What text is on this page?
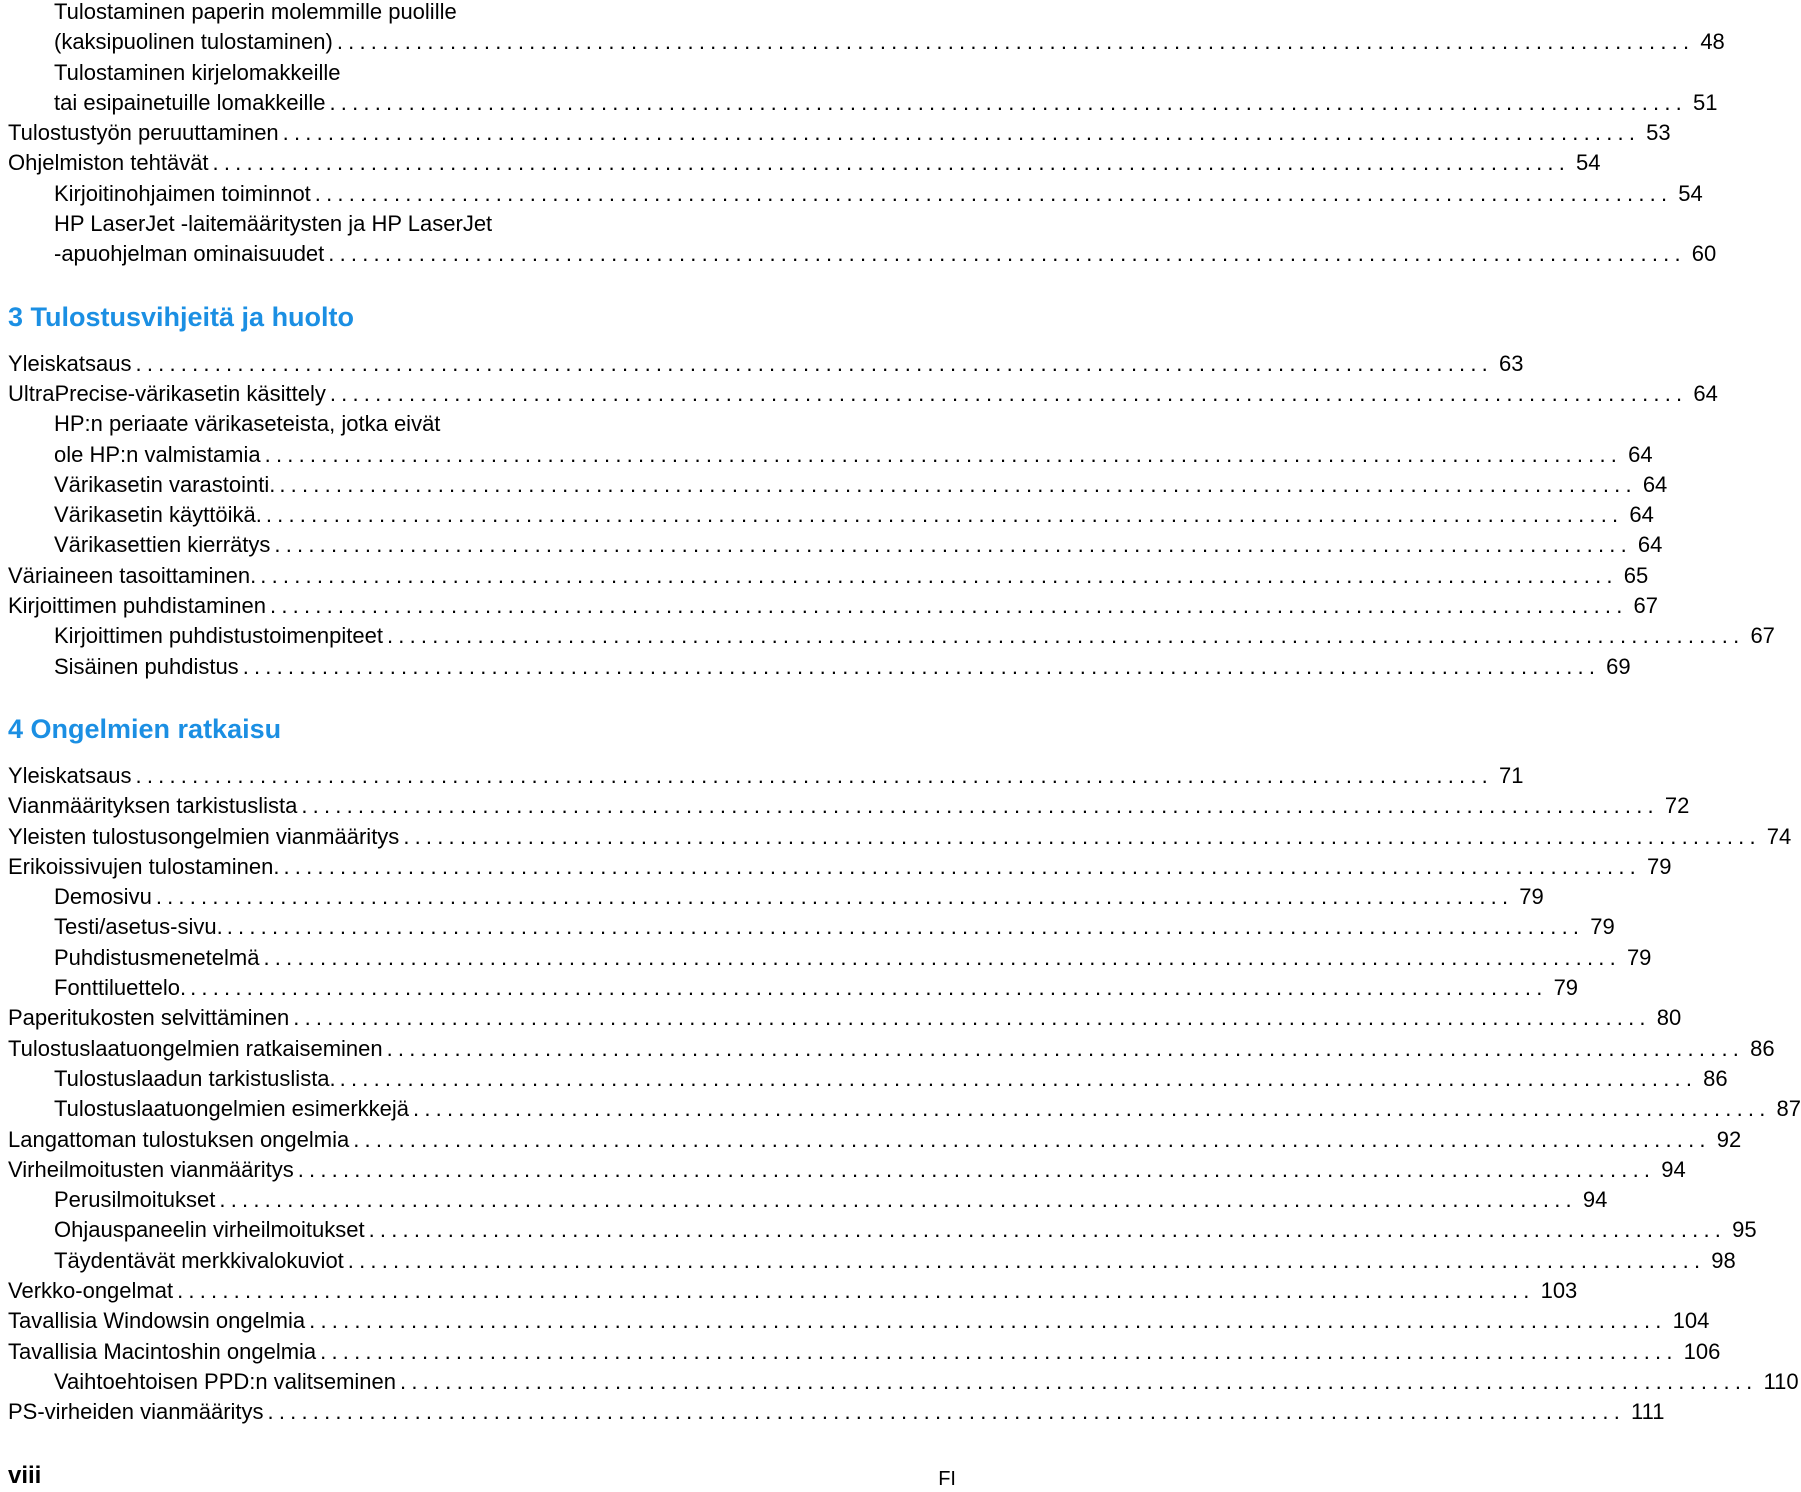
Tulostaminen paperin molemmille puolille
(kaksipuolinen tulostaminen) ........................................................................................................................ 48
Tulostaminen kirjelomakkeille
tai esipainetuille lomakkeille ........................................................................................................................ 51
Tulostustyön peruuttaminen ........................................................................................................................ 53
Ohjelmiston tehtävät ........................................................................................................................ 54
Kirjoitinohjaimen toiminnot ........................................................................................................................ 54
HP LaserJet -laitemääritysten ja HP LaserJet
-apuohjelman ominaisuudet ........................................................................................................................ 60
3 Tulostusvihjeitä ja huolto
Yleiskatsaus ........................................................................................................................ 63
UltraPrecise-värikasetin käsittely ........................................................................................................................ 64
HP:n periaate värikaseteista, jotka eivät
ole HP:n valmistamia ........................................................................................................................ 64
Värikasetin varastointi. ........................................................................................................................ 64
Värikasetin käyttöikä. ........................................................................................................................ 64
Värikasettien kierrätys ........................................................................................................................ 64
Väriaineen tasoittaminen. ........................................................................................................................ 65
Kirjoittimen puhdistaminen ........................................................................................................................ 67
Kirjoittimen puhdistustoimenpiteet ........................................................................................................................ 67
Sisäinen puhdistus ........................................................................................................................ 69
4 Ongelmien ratkaisu
Yleiskatsaus ........................................................................................................................ 71
Vianmäärityksen tarkistuslista ........................................................................................................................ 72
Yleisten tulostusongelmien vianmääritys ........................................................................................................................ 74
Erikoissivujen tulostaminen. ........................................................................................................................ 79
Demosivu ........................................................................................................................ 79
Testi/asetus-sivu. ........................................................................................................................ 79
Puhdistusmenetelmä ........................................................................................................................ 79
Fonttiluettelo. ........................................................................................................................ 79
Paperitukosten selvittäminen ........................................................................................................................ 80
Tulostuslaatuongelmien ratkaiseminen ........................................................................................................................ 86
Tulostuslaadun tarkistuslista. ........................................................................................................................ 86
Tulostuslaatuongelmien esimerkkejä ........................................................................................................................ 87
Langattoman tulostuksen ongelmia ........................................................................................................................ 92
Virheilmoitusten vianmääritys ........................................................................................................................ 94
Perusilmoitukset ........................................................................................................................ 94
Ohjauspaneelin virheilmoitukset ........................................................................................................................ 95
Täydentävät merkkivalokuviot ........................................................................................................................ 98
Verkko-ongelmat ........................................................................................................................ 103
Tavallisia Windowsin ongelmia ........................................................................................................................ 104
Tavallisia Macintoshin ongelmia ........................................................................................................................ 106
Vaihtoehtoisen PPD:n valitseminen ........................................................................................................................ 110
PS-virheiden vianmääritys ........................................................................................................................ 111
viii	FI
